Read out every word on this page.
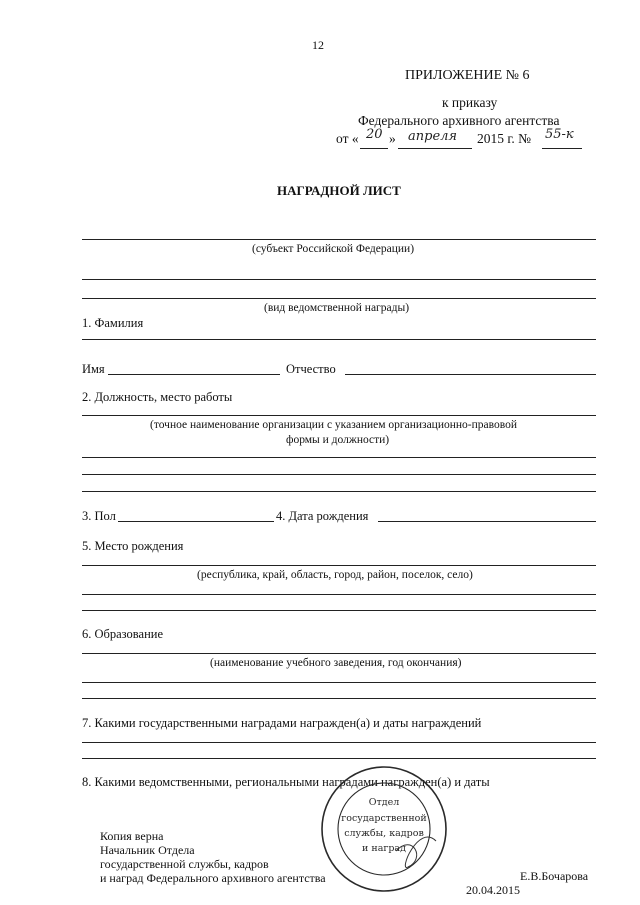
12
ПРИЛОЖЕНИЕ № 6
к приказу
Федерального архивного агентства
от « 20 » апреля 2015 г. № 55-к
НАГРАДНОЙ ЛИСТ
(субъект Российской Федерации)
(вид ведомственной награды)
1. Фамилия
Имя	Отчество
2. Должность, место работы
(точное наименование организации с указанием организационно-правовой
формы и должности)
3. Пол	4. Дата рождения
5. Место рождения
(республика, край, область, город, район, поселок, село)
6. Образование
(наименование учебного заведения, год окончания)
7. Какими государственными наградами награжден(а) и даты награждений
8. Какими ведомственными, региональными наградами награжден(а) и даты
Копия верна
Начальник Отдела
государственной службы, кадров
и наград Федерального архивного агентства	Е.В.Бочарова
20.04.2015
Отдел
государственной
службы, кадров
и наград
